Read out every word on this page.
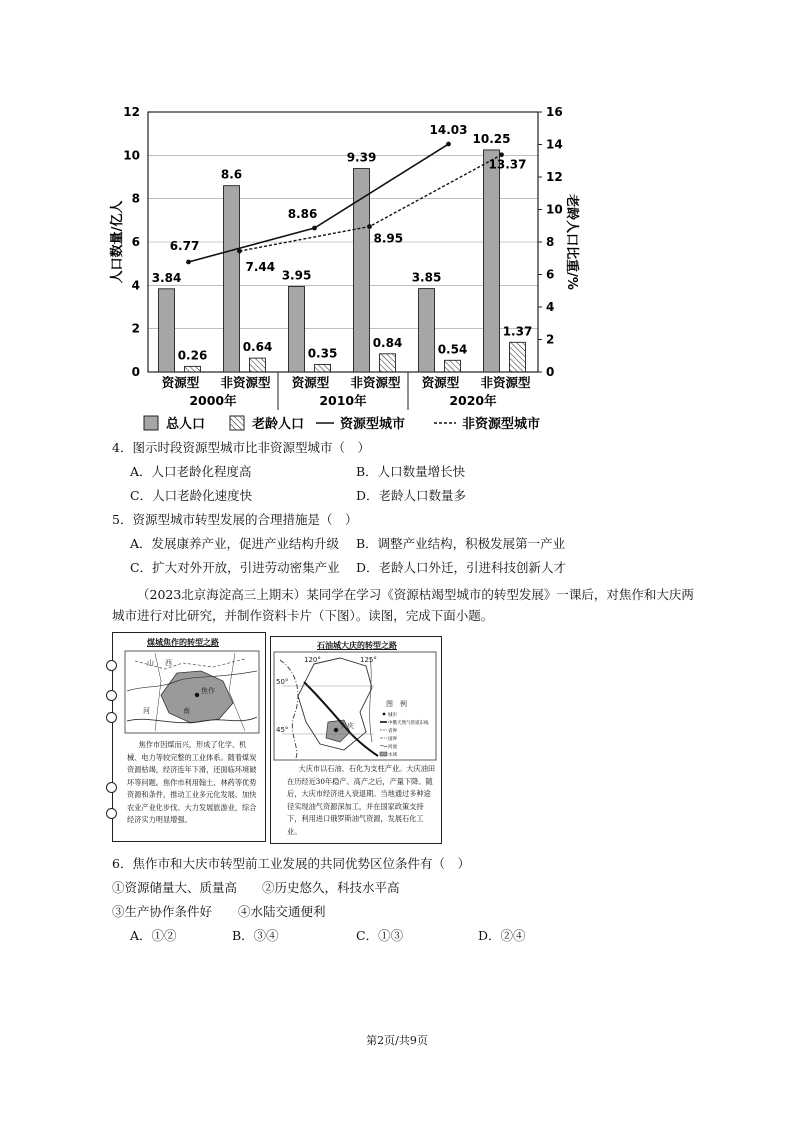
3.84
0.26
8.6
0.64
3.95
0.35
9.39
0.84
3.85
0.54
10.25
1.37
6.77
8.86
14.03
7.44
8.95
13.37
0
2
4
6
8
10
12
0
2
4
6
8
10
12
14
16
资源型 非资源型 资源型 非资源型 资源型 非资源型
2000年	2010年	2020年
人口数量/亿人	老龄人口比重/%
总人口	老龄人口	资源型城市	非资源型城市
4．图示时段资源型城市比非资源型城市（　）
A．人口老龄化程度高	B．人口数量增长快
C．人口老龄化速度快	D．老龄人口数量多
5．资源型城市转型发展的合理措施是（　）
A．发展康养产业，促进产业结构升级 B．调整产业结构，积极发展第一产业
C．扩大对外开放，引进劳动密集产业 D．老龄人口外迁，引进科技创新人才
（2023北京海淀高三上期末）某同学在学习《资源枯竭型城市的转型发展》一课后，对焦作和大庆两城市进行对比研究，并制作资料卡片（下图）。读图，完成下面小题。
煤城焦作的转型之路
山 西
河	南
焦作
焦作市因煤而兴，形成了化学、机械、电力等较完整的工业体系。随着煤炭资源枯竭，经济连年下滑，还面临环境破坏等问题。焦作市利用翰土、林药等优势资源和条件，推动工业多元化发展、加快农业产业化步伐、大力发展旅游业，综合经济实力明显增强。
石油城大庆的转型之路
120°	125°
50°
45°	大庆
图　例
城市
中俄天然气管道东线
省界
国界
河流
水域
大庆市以石油、石化为支柱产业。大庆油田在历经近30年稳产、高产之后，产量下降。随后，大庆市经济进入衰退期。当地通过多种途径实现油气资源深加工，并在国家政策支持下，利用进口俄罗斯油气资源，发展石化工业。
6．焦作市和大庆市转型前工业发展的共同优势区位条件有（　）
①资源储量大、质量高 ②历史悠久，科技水平高
③生产协作条件好 ④水陆交通便利
A．①②	B．③④	C．①③	D．②④
第2页/共9页
